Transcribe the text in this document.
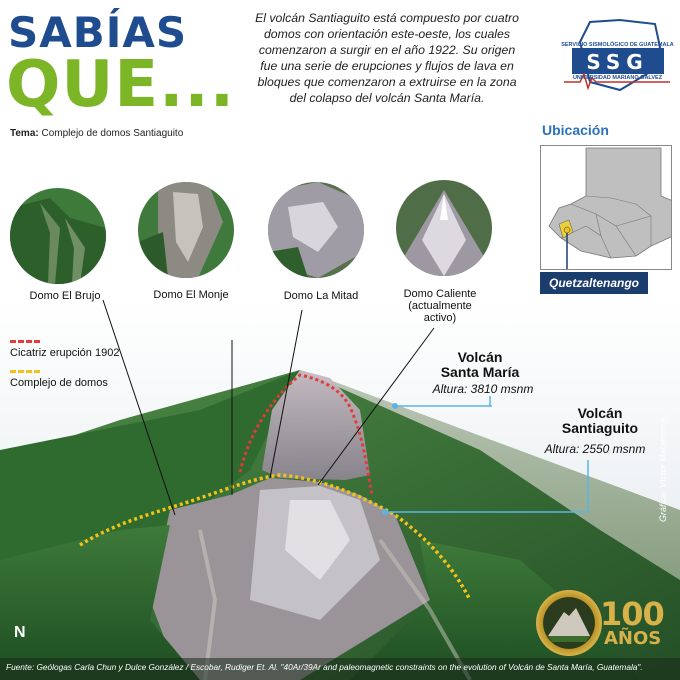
SABÍAS
QUE...
Tema: Complejo de domos Santiaguito
El volcán Santiaguito está compuesto por cuatro domos con orientación este-oeste, los cuales comenzaron a surgir en el año 1922. Su origen fue una serie de erupciones y flujos de lava en bloques que comenzaron a extruirse en la zona del colapso del volcán Santa María.
SERVICIO SISMOLÓGICO DE GUATEMALA
SSG
UNIVERSIDAD MARIANO GÁLVEZ
Ubicación
Quetzaltenango
Domo El Brujo	Domo El Monje	Domo La Mitad	Domo Caliente
(actualmente activo)
Cicatriz erupción 1902
Complejo de domos
Volcán
Santa María
Altura: 3810 msnm
Volcán
Santiaguito
Altura: 2550 msnm	Gráfica: Víctor Matamoros.
100
AÑOS
N
Fuente: Geólogas Carla Chun y Dulce González / Escobar, Rudiger Et. Al. "40Ar/39Ar and paleomagnetic constraints on the evolution of Volcán de Santa María, Guatemala".
